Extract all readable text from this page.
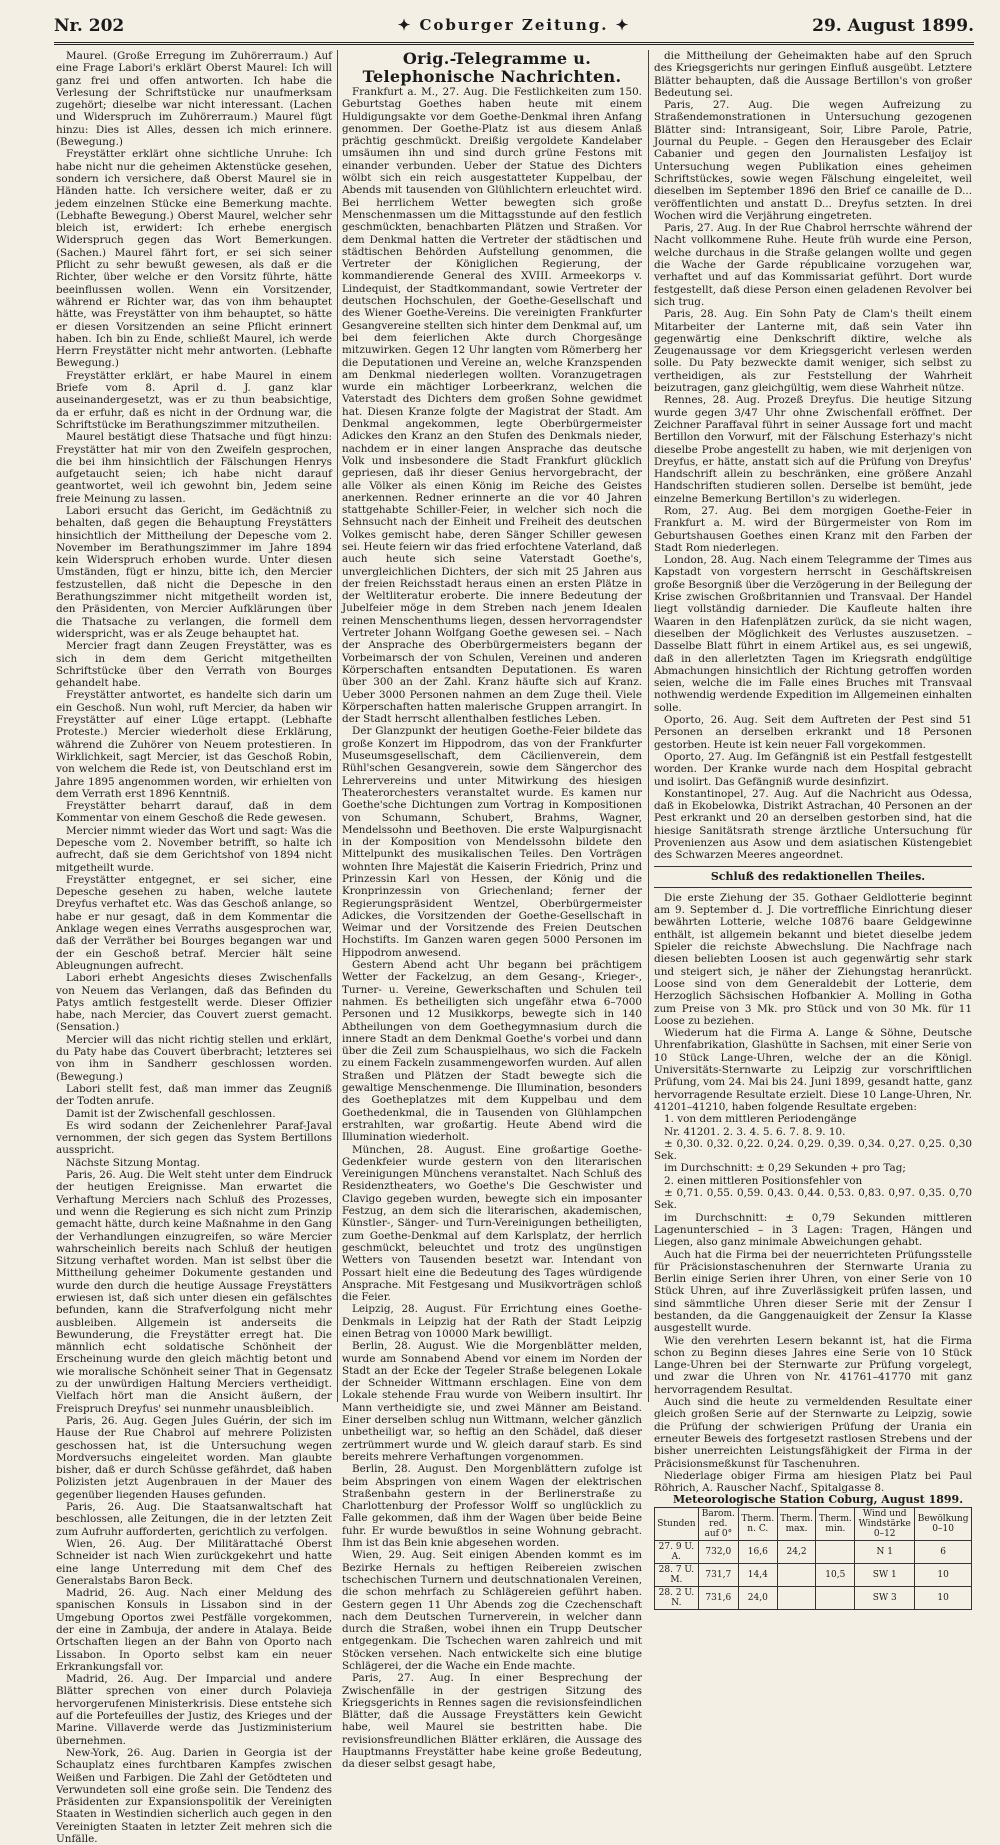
Nr. 202	✦ Coburger Zeitung. ✦	29. August 1899.

Maurel. (Große Erregung im Zuhörerraum.) Auf eine Frage Labori's erklärt Oberst Maurel: Ich will ganz frei und offen antworten. Ich habe die Verlesung der Schriftstücke nur unaufmerksam zugehört; dieselbe war nicht interessant. (Lachen und Widerspruch im Zuhörerraum.) Maurel fügt hinzu: Dies ist Alles, dessen ich mich erinnere. (Bewegung.)

Freystätter erklärt ohne sichtliche Unruhe: Ich habe nicht nur die geheimen Aktenstücke gesehen, sondern ich versichere, daß Oberst Maurel sie in Händen hatte. Ich versichere weiter, daß er zu jedem einzelnen Stücke eine Bemerkung machte. (Lebhafte Bewegung.) Oberst Maurel, welcher sehr bleich ist, erwidert: Ich erhebe energisch Widerspruch gegen das Wort Bemerkungen. (Sachen.) Maurel fährt fort, er sei sich seiner Pflicht zu sehr bewußt gewesen, als daß er die Richter, über welche er den Vorsitz führte, hätte beeinflussen wollen. Wenn ein Vorsitzender, während er Richter war, das von ihm behauptet hätte, was Freystätter von ihm behauptet, so hätte er diesen Vorsitzenden an seine Pflicht erinnert haben. Ich bin zu Ende, schließt Maurel, ich werde Herrn Freystätter nicht mehr antworten. (Lebhafte Bewegung.)

Freystätter erklärt, er habe Maurel in einem Briefe vom 8. April d. J. ganz klar auseinandergesetzt, was er zu thun beabsichtige, da er erfuhr, daß es nicht in der Ordnung war, die Schriftstücke im Berathungszimmer mitzutheilen.

Maurel bestätigt diese Thatsache und fügt hinzu: Freystätter hat mir von den Zweifeln gesprochen, die bei ihm hinsichtlich der Fälschungen Henrys aufgetaucht seien; ich habe nicht darauf geantwortet, weil ich gewohnt bin, Jedem seine freie Meinung zu lassen.

Labori ersucht das Gericht, im Gedächtniß zu behalten, daß gegen die Behauptung Freystätters hinsichtlich der Mittheilung der Depesche vom 2. November im Berathungszimmer im Jahre 1894 kein Widerspruch erhoben wurde. Unter diesen Umständen, fügt er hinzu, bitte ich, den Mercier festzustellen, daß nicht die Depesche in den Berathungszimmer nicht mitgetheilt worden ist, den Präsidenten, von Mercier Aufklärungen über die Thatsache zu verlangen, die formell dem widerspricht, was er als Zeuge behauptet hat.

Mercier fragt dann Zeugen Freystätter, was es sich in dem dem Gericht mitgetheilten Schriftstücke über den Verrath von Bourges gehandelt habe.

Freystätter antwortet, es handelte sich darin um ein Geschoß. Nun wohl, ruft Mercier, da haben wir Freystätter auf einer Lüge ertappt. (Lebhafte Proteste.) Mercier wiederholt diese Erklärung, während die Zuhörer von Neuem protestieren. In Wirklichkeit, sagt Mercier, ist das Geschoß Robin, von welchem die Rede ist, von Deutschland erst im Jahre 1895 angenommen worden, wir erhielten von dem Verrath erst 1896 Kenntniß.

Freystätter beharrt darauf, daß in dem Kommentar von einem Geschoß die Rede gewesen.

Mercier nimmt wieder das Wort und sagt: Was die Depesche vom 2. November betrifft, so halte ich aufrecht, daß sie dem Gerichtshof von 1894 nicht mitgetheilt wurde.

Freystätter entgegnet, er sei sicher, eine Depesche gesehen zu haben, welche lautete Dreyfus verhaftet etc. Was das Geschoß anlange, so habe er nur gesagt, daß in dem Kommentar die Anklage wegen eines Verraths ausgesprochen war, daß der Verräther bei Bourges begangen war und der ein Geschoß betraf. Mercier hält seine Ableugnungen aufrecht.

Labori erhebt Angesichts dieses Zwischenfalls von Neuem das Verlangen, daß das Befinden du Patys amtlich festgestellt werde. Dieser Offizier habe, nach Mercier, das Couvert zuerst gemacht. (Sensation.)

Mercier will das nicht richtig stellen und erklärt, du Paty habe das Couvert überbracht; letzteres sei von ihm in Sandherr geschlossen worden. (Bewegung.)

Labori stellt fest, daß man immer das Zeugniß der Todten anrufe.

Damit ist der Zwischenfall geschlossen.

Es wird sodann der Zeichenlehrer Paraf-Javal vernommen, der sich gegen das System Bertillons ausspricht.

Nächste Sitzung Montag.

Paris, 26. Aug. Die Welt steht unter dem Eindruck der heutigen Ereignisse. Man erwartet die Verhaftung Merciers nach Schluß des Prozesses, und wenn die Regierung es sich nicht zum Prinzip gemacht hätte, durch keine Maßnahme in den Gang der Verhandlungen einzugreifen, so wäre Mercier wahrscheinlich bereits nach Schluß der heutigen Sitzung verhaftet worden. Man ist selbst über die Mittheilung geheimer Dokumente gestanden und wurde den durch die heutige Aussage Freystätters erwiesen ist, daß sich unter diesen ein gefälschtes befunden, kann die Strafverfolgung nicht mehr ausbleiben. Allgemein ist anderseits die Bewunderung, die Freystätter erregt hat. Die männlich echt soldatische Schönheit der Erscheinung wurde den gleich mächtig betont und wie moralische Schönheit seiner That in Gegensatz zu der unwürdigen Haltung Merciers vertheidigt. Vielfach hört man die Ansicht äußern, der Freispruch Dreyfus' sei nunmehr unausbleiblich.

Paris, 26. Aug. Gegen Jules Guérin, der sich im Hause der Rue Chabrol auf mehrere Polizisten geschossen hat, ist die Untersuchung wegen Mordversuchs eingeleitet worden. Man glaubte bisher, daß er durch Schüsse gefährdet, daß haben Polizisten jetzt Augenbrauen in der Mauer des gegenüber liegenden Hauses gefunden.

Paris, 26. Aug. Die Staatsanwaltschaft hat beschlossen, alle Zeitungen, die in der letzten Zeit zum Aufruhr aufforderten, gerichtlich zu verfolgen.

Wien, 26. Aug. Der Militärattaché Oberst Schneider ist nach Wien zurückgekehrt und hatte eine lange Unterredung mit dem Chef des Generalstabs Baron Beck.

Madrid, 26. Aug. Nach einer Meldung des spanischen Konsuls in Lissabon sind in der Umgebung Oportos zwei Pestfälle vorgekommen, der eine in Zambuja, der andere in Atalaya. Beide Ortschaften liegen an der Bahn von Oporto nach Lissabon. In Oporto selbst kam ein neuer Erkrankungsfall vor.

Madrid, 26. Aug. Der Imparcial und andere Blätter sprechen von einer durch Polavieja hervorgerufenen Ministerkrisis. Diese entstehe sich auf die Portefeuilles der Justiz, des Krieges und der Marine. Villaverde werde das Justizministerium übernehmen.

New-York, 26. Aug. Darien in Georgia ist der Schauplatz eines furchtbaren Kampfes zwischen Weißen und Farbigen. Die Zahl der Getödteten und Verwundeten soll eine große sein. Die Tendenz des Präsidenten zur Expansionspolitik der Vereinigten Staaten in Westindien sicherlich auch gegen in den Vereinigten Staaten in letzter Zeit mehren sich die Unfälle.

Orig.-Telegramme u. Telephonische Nachrichten.

Frankfurt a. M., 27. Aug. Die Festlichkeiten zum 150. Geburtstag Goethes haben heute mit einem Huldigungsakte vor dem Goethe-Denkmal ihren Anfang genommen. Der Goethe-Platz ist aus diesem Anlaß prächtig geschmückt. Dreißig vergoldete Kandelaber umsäumen ihn und sind durch grüne Festons mit einander verbunden. Ueber der Statue des Dichters wölbt sich ein reich ausgestatteter Kuppelbau, der Abends mit tausenden von Glühlichtern erleuchtet wird. Bei herrlichem Wetter bewegten sich große Menschenmassen um die Mittagsstunde auf den festlich geschmückten, benachbarten Plätzen und Straßen. Vor dem Denkmal hatten die Vertreter der städtischen und städtischen Behörden Aufstellung genommen, die Vertreter der Königlichen Regierung, der kommandierende General des XVIII. Armeekorps v. Lindequist, der Stadtkommandant, sowie Vertreter der deutschen Hochschulen, der Goethe-Gesellschaft und des Wiener Goethe-Vereins. Die vereinigten Frankfurter Gesangvereine stellten sich hinter dem Denkmal auf, um bei dem feierlichen Akte durch Chorgesänge mitzuwirken. Gegen 12 Uhr langten vom Römerberg her die Deputationen und Vereine an, welche Kranzspenden am Denkmal niederlegen wollten. Voranzugetragen wurde ein mächtiger Lorbeerkranz, welchen die Vaterstadt des Dichters dem großen Sohne gewidmet hat. Diesen Kranze folgte der Magistrat der Stadt. Am Denkmal angekommen, legte Oberbürgermeister Adickes den Kranz an den Stufen des Denkmals nieder, nachdem er in einer langen Ansprache das deutsche Volk und insbesondere die Stadt Frankfurt glücklich gepriesen, daß ihr dieser Genius hervorgebracht, der alle Völker als einen König im Reiche des Geistes anerkennen. Redner erinnerte an die vor 40 Jahren stattgehabte Schiller-Feier, in welcher sich noch die Sehnsucht nach der Einheit und Freiheit des deutschen Volkes gemischt habe, deren Sänger Schiller gewesen sei. Heute feiern wir das fried erfochtene Vaterland, daß auch heute sich seine Vaterstadt Goethe's, unvergleichlichen Dichters, der sich mit 25 Jahren aus der freien Reichsstadt heraus einen an ersten Plätze in der Weltliteratur eroberte. Die innere Bedeutung der Jubelfeier möge in dem Streben nach jenem Idealen reinen Menschenthums liegen, dessen hervorragendster Vertreter Johann Wolfgang Goethe gewesen sei. – Nach der Ansprache des Oberbürgermeisters begann der Vorbeimarsch der von Schulen, Vereinen und anderen Körperschaften entsandten Deputationen. Es waren über 300 an der Zahl. Kranz häufte sich auf Kranz. Ueber 3000 Personen nahmen an dem Zuge theil. Viele Körperschaften hatten malerische Gruppen arrangirt. In der Stadt herrscht allenthalben festliches Leben.

Der Glanzpunkt der heutigen Goethe-Feier bildete das große Konzert im Hippodrom, das von der Frankfurter Museumsgesellschaft, dem Cäcilienverein, dem Rühl'schen Gesangverein, sowie dem Sängerchor des Lehrervereins und unter Mitwirkung des hiesigen Theaterorchesters veranstaltet wurde. Es kamen nur Goethe'sche Dichtungen zum Vortrag in Kompositionen von Schumann, Schubert, Brahms, Wagner, Mendelssohn und Beethoven. Die erste Walpurgisnacht in der Komposition von Mendelssohn bildete den Mittelpunkt des musikalischen Teiles. Den Vorträgen wohnten Ihre Majestät die Kaiserin Friedrich, Prinz und Prinzessin Karl von Hessen, der König und die Kronprinzessin von Griechenland; ferner der Regierungspräsident Wentzel, Oberbürgermeister Adickes, die Vorsitzenden der Goethe-Gesellschaft in Weimar und der Vorsitzende des Freien Deutschen Hochstifts. Im Ganzen waren gegen 5000 Personen im Hippodrom anwesend.

Gestern Abend acht Uhr begann bei prächtigem Wetter der Fackelzug, an dem Gesang-, Krieger-, Turner- u. Vereine, Gewerkschaften und Schulen teil nahmen. Es betheiligten sich ungefähr etwa 6–7000 Personen und 12 Musikkorps, bewegte sich in 140 Abtheilungen von dem Goethegymnasium durch die innere Stadt an dem Denkmal Goethe's vorbei und dann über die Zeil zum Schauspielhaus, wo sich die Fackeln zu einem Fackeln zusammengeworfen wurden. Auf allen Straßen und Plätzen der Stadt bewegte sich die gewaltige Menschenmenge. Die Illumination, besonders des Goetheplatzes mit dem Kuppelbau und dem Goethedenkmal, die in Tausenden von Glühlampchen erstrahlten, war großartig. Heute Abend wird die Illumination wiederholt.

München, 28. August. Eine großartige Goethe-Gedenkfeier wurde gestern von den literarischen Vereinigungen Münchens veranstaltet. Nach Schluß des Residenztheaters, wo Goethe's Die Geschwister und Clavigo gegeben wurden, bewegte sich ein imposanter Festzug, an dem sich die literarischen, akademischen, Künstler-, Sänger- und Turn-Vereinigungen betheiligten, zum Goethe-Denkmal auf dem Karlsplatz, der herrlich geschmückt, beleuchtet und trotz des ungünstigen Wetters von Tausenden besetzt war. Intendant von Possart hielt eine die Bedeutung des Tages würdigende Ansprache. Mit Festgesang und Musikvorträgen schloß die Feier.

Leipzig, 28. August. Für Errichtung eines Goethe-Denkmals in Leipzig hat der Rath der Stadt Leipzig einen Betrag von 10000 Mark bewilligt.

Berlin, 28. August. Wie die Morgenblätter melden, wurde am Sonnabend Abend vor einem im Norden der Stadt an der Ecke der Tegeler Straße belegenen Lokale der Schneider Wittmann erschlagen. Eine von dem Lokale stehende Frau wurde von Weibern insultirt. Ihr Mann vertheidigte sie, und zwei Männer am Beistand. Einer derselben schlug nun Wittmann, welcher gänzlich unbetheiligt war, so heftig an den Schädel, daß dieser zertrümmert wurde und W. gleich darauf starb. Es sind bereits mehrere Verhaftungen vorgenommen.

Berlin, 28. August. Den Morgenblättern zufolge ist beim Abspringen von einem Wagen der elektrischen Straßenbahn gestern in der Berlinerstraße zu Charlottenburg der Professor Wolff so unglücklich zu Falle gekommen, daß ihm der Wagen über beide Beine fuhr. Er wurde bewußtlos in seine Wohnung gebracht. Ihm ist das Bein knie abgesehen worden.

Wien, 29. Aug. Seit einigen Abenden kommt es im Bezirke Hernals zu heftigen Reibereien zwischen tschechischen Turnern und deutschnationalen Vereinen, die schon mehrfach zu Schlägereien geführt haben. Gestern gegen 11 Uhr Abends zog die Czechenschaft nach dem Deutschen Turnerverein, in welcher dann durch die Straßen, wobei ihnen ein Trupp Deutscher entgegenkam. Die Tschechen waren zahlreich und mit Stöcken versehen. Nach entwickelte sich eine blutige Schlägerei, der die Wache ein Ende machte.

Paris, 27. Aug. In einer Besprechung der Zwischenfälle in der gestrigen Sitzung des Kriegsgerichts in Rennes sagen die revisionsfeindlichen Blätter, daß die Aussage Freystätters kein Gewicht habe, weil Maurel sie bestritten habe. Die revisionsfreundlichen Blätter erklären, die Aussage des Hauptmanns Freystätter habe keine große Bedeutung, da dieser selbst gesagt habe,

die Mittheilung der Geheimakten habe auf den Spruch des Kriegsgerichts nur geringen Einfluß ausgeübt. Letztere Blätter behaupten, daß die Aussage Bertillon's von großer Bedeutung sei.

Paris, 27. Aug. Die wegen Aufreizung zu Straßendemonstrationen in Untersuchung gezogenen Blätter sind: Intransigeant, Soir, Libre Parole, Patrie, Journal du Peuple. – Gegen den Herausgeber des Eclair Cabanier und gegen den Journalisten Lesfaijoy ist Untersuchung wegen Publikation eines geheimen Schriftstückes, sowie wegen Fälschung eingeleitet, weil dieselben im September 1896 den Brief ce canaille de D... veröffentlichten und anstatt D... Dreyfus setzten. In drei Wochen wird die Verjährung eingetreten.

Paris, 27. Aug. In der Rue Chabrol herrschte während der Nacht vollkommene Ruhe. Heute früh wurde eine Person, welche durchaus in die Straße gelangen wollte und gegen die Wache der Garde républicaine vorzugehen war, verhaftet und auf das Kommissariat geführt. Dort wurde festgestellt, daß diese Person einen geladenen Revolver bei sich trug.

Paris, 28. Aug. Ein Sohn Paty de Clam's theilt einem Mitarbeiter der Lanterne mit, daß sein Vater ihn gegenwärtig eine Denkschrift diktire, welche als Zeugenaussage vor dem Kriegsgericht verlesen werden solle. Du Paty bezweckte damit weniger, sich selbst zu vertheidigen, als zur Feststellung der Wahrheit beizutragen, ganz gleichgültig, wem diese Wahrheit nütze.

Rennes, 28. Aug. Prozeß Dreyfus. Die heutige Sitzung wurde gegen 3/47 Uhr ohne Zwischenfall eröffnet. Der Zeichner Paraffaval führt in seiner Aussage fort und macht Bertillon den Vorwurf, mit der Fälschung Esterhazy's nicht dieselbe Probe angestellt zu haben, wie mit derjenigen von Dreyfus, er hätte, anstatt sich auf die Prüfung von Dreyfus' Handschrift allein zu beschränken, eine größere Anzahl Handschriften studieren sollen. Derselbe ist bemüht, jede einzelne Bemerkung Bertillon's zu widerlegen.

Rom, 27. Aug. Bei dem morgigen Goethe-Feier in Frankfurt a. M. wird der Bürgermeister von Rom im Geburtshausen Goethes einen Kranz mit den Farben der Stadt Rom niederlegen.

London, 28. Aug. Nach einem Telegramme der Times aus Kapstadt von vorgestern herrscht in Geschäftskreisen große Besorgniß über die Verzögerung in der Beilegung der Krise zwischen Großbritannien und Transvaal. Der Handel liegt vollständig darnieder. Die Kaufleute halten ihre Waaren in den Hafenplätzen zurück, da sie nicht wagen, dieselben der Möglichkeit des Verlustes auszusetzen. – Dasselbe Blatt führt in einem Artikel aus, es sei ungewiß, daß in den allerletzten Tagen im Kriegsrath endgültige Abmachungen hinsichtlich der Richtung getroffen worden seien, welche die im Falle eines Bruches mit Transvaal nothwendig werdende Expedition im Allgemeinen einhalten solle.

Oporto, 26. Aug. Seit dem Auftreten der Pest sind 51 Personen an derselben erkrankt und 18 Personen gestorben. Heute ist kein neuer Fall vorgekommen.

Oporto, 27. Aug. Im Gefängniß ist ein Pestfall festgestellt worden. Der Kranke wurde nach dem Hospital gebracht und isolirt. Das Gefängniß wurde desinfizirt.

Konstantinopel, 27. Aug. Auf die Nachricht aus Odessa, daß in Ekobelowka, Distrikt Astrachan, 40 Personen an der Pest erkrankt und 20 an derselben gestorben sind, hat die hiesige Sanitätsrath strenge ärztliche Untersuchung für Provenienzen aus Asow und dem asiatischen Küstengebiet des Schwarzen Meeres angeordnet.

Schluß des redaktionellen Theiles.

Die erste Ziehung der 35. Gothaer Geldlotterie beginnt am 9. September d. J. Die vortreffliche Einrichtung dieser bewährten Lotterie, welche 10876 baare Geldgewinne enthält, ist allgemein bekannt und bietet dieselbe jedem Spieler die reichste Abwechslung. Die Nachfrage nach diesen beliebten Loosen ist auch gegenwärtig sehr stark und steigert sich, je näher der Ziehungstag heranrückt. Loose sind von dem Generaldebit der Lotterie, dem Herzoglich Sächsischen Hofbankier A. Molling in Gotha zum Preise von 3 Mk. pro Stück und von 30 Mk. für 11 Loose zu beziehen.

Wiederum hat die Firma A. Lange & Söhne, Deutsche Uhrenfabrikation, Glashütte in Sachsen, mit einer Serie von 10 Stück Lange-Uhren, welche der an die Königl. Universitäts-Sternwarte zu Leipzig zur vorschriftlichen Prüfung, vom 24. Mai bis 24. Juni 1899, gesandt hatte, ganz hervorragende Resultate erzielt. Diese 10 Lange-Uhren, Nr. 41201–41210, haben folgende Resultate ergeben:

1. von dem mittleren Periodengänge

Nr. 41201. 2. 3. 4. 5. 6. 7. 8. 9. 10.

± 0,30. 0,32. 0,22. 0,24. 0,29. 0,39. 0,34. 0,27. 0,25. 0,30 Sek.

im Durchschnitt: ± 0,29 Sekunden + pro Tag;

2. einen mittleren Positionsfehler von

± 0,71. 0,55. 0,59. 0,43. 0,44. 0,53. 0,83. 0,97. 0,35. 0,70 Sek.

im Durchschnitt: ± 0,79 Sekunden mittleren Lagenunterschied – in 3 Lagen: Tragen, Hängen und Liegen, also ganz minimale Abweichungen gehabt.

Auch hat die Firma bei der neuerrichteten Prüfungsstelle für Präcisionstaschenuhren der Sternwarte Urania zu Berlin einige Serien ihrer Uhren, von einer Serie von 10 Stück Uhren, auf ihre Zuverlässigkeit prüfen lassen, und sind sämmtliche Uhren dieser Serie mit der Zensur I bestanden, da die Ganggenauigkeit der Zensur Ia Klasse ausgestellt wurde.

Wie den verehrten Lesern bekannt ist, hat die Firma schon zu Beginn dieses Jahres eine Serie von 10 Stück Lange-Uhren bei der Sternwarte zur Prüfung vorgelegt, und zwar die Uhren von Nr. 41761–41770 mit ganz hervorragendem Resultat.

Auch sind die heute zu vermeldenden Resultate einer gleich großen Serie auf der Sternwarte zu Leipzig, sowie die Prüfung der schwierigen Prüfung der Urania ein erneuter Beweis des fortgesetzt rastlosen Strebens und der bisher unerreichten Leistungsfähigkeit der Firma in der Präcisionsmeßkunst für Taschenuhren.

Niederlage obiger Firma am hiesigen Platz bei Paul Röhrich, A. Rauscher Nachf., Spitalgasse 8.

Meteorologische Station Coburg, August 1899.

Stunden	Barom. red. auf 0°	Therm. n. C.	Therm. max.	Therm. min.	Wind und Windstärke 0–12	Bewölkung 0–10
27. 9 U. A.	732,0	16,6	24,2		N 1	6
28. 7 U. M.	731,7	14,4		10,5	SW 1	10
28. 2 U. N.	731,6	24,0			SW 3	10
